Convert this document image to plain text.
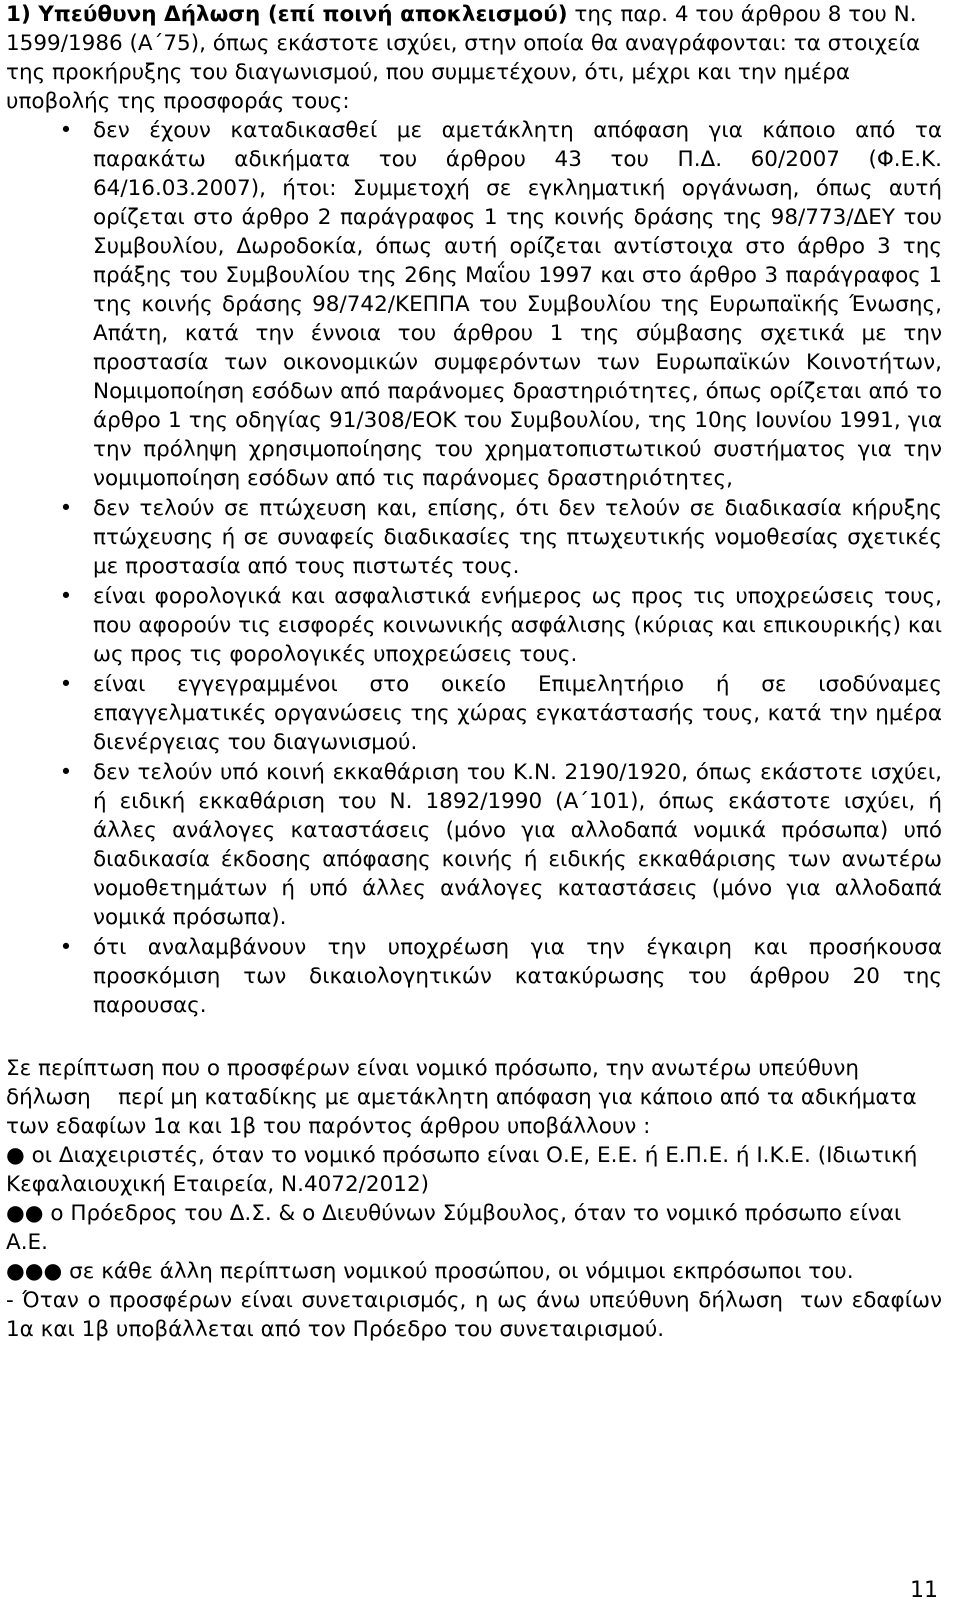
1) Υπεύθυνη Δήλωση (επί ποινή αποκλεισμού) της παρ. 4 του άρθρου 8 του Ν. 1599/1986 (Α΄75), όπως εκάστοτε ισχύει, στην οποία θα αναγράφονται: τα στοιχεία της προκήρυξης του διαγωνισμού, που συμμετέχουν, ότι, μέχρι και την ημέρα υποβολής της προσφοράς τους:

• δεν έχουν καταδικασθεί με αμετάκλητη απόφαση για κάποιο από τα παρακάτω αδικήματα του άρθρου 43 του Π.Δ. 60/2007 (Φ.Ε.Κ. 64/16.03.2007), ήτοι: Συμμετοχή σε εγκληματική οργάνωση, όπως αυτή ορίζεται στο άρθρο 2 παράγραφος 1 της κοινής δράσης της 98/773/ΔΕΥ του Συμβουλίου, Δωροδοκία, όπως αυτή ορίζεται αντίστοιχα στο άρθρο 3 της πράξης του Συμβουλίου της 26ης Μαΐου 1997 και στο άρθρο 3 παράγραφος 1 της κοινής δράσης 98/742/ΚΕΠΠΑ του Συμβουλίου της Ευρωπαϊκής Ένωσης, Απάτη, κατά την έννοια του άρθρου 1 της σύμβασης σχετικά με την προστασία των οικονομικών συμφερόντων των Ευρωπαϊκών Κοινοτήτων, Νομιμοποίηση εσόδων από παράνομες δραστηριότητες, όπως ορίζεται από το άρθρο 1 της οδηγίας 91/308/ΕΟΚ του Συμβουλίου, της 10ης Ιουνίου 1991, για την πρόληψη χρησιμοποίησης του χρηματοπιστωτικού συστήματος για την νομιμοποίηση εσόδων από τις παράνομες δραστηριότητες,
• δεν τελούν σε πτώχευση και, επίσης, ότι δεν τελούν σε διαδικασία κήρυξης πτώχευσης ή σε συναφείς διαδικασίες της πτωχευτικής νομοθεσίας σχετικές με προστασία από τους πιστωτές τους.
• είναι φορολογικά και ασφαλιστικά ενήμερος ως προς τις υποχρεώσεις τους, που αφορούν τις εισφορές κοινωνικής ασφάλισης (κύριας και επικουρικής) και ως προς τις φορολογικές υποχρεώσεις τους.
• είναι εγγεγραμμένοι στο οικείο Επιμελητήριο ή σε ισοδύναμες επαγγελματικές οργανώσεις της χώρας εγκατάστασής τους, κατά την ημέρα διενέργειας του διαγωνισμού.
• δεν τελούν υπό κοινή εκκαθάριση του Κ.Ν. 2190/1920, όπως εκάστοτε ισχύει, ή ειδική εκκαθάριση του Ν. 1892/1990 (Α΄101), όπως εκάστοτε ισχύει, ή άλλες ανάλογες καταστάσεις (μόνο για αλλοδαπά νομικά πρόσωπα) υπό διαδικασία έκδοσης απόφασης κοινής ή ειδικής εκκαθάρισης των ανωτέρω νομοθετημάτων ή υπό άλλες ανάλογες καταστάσεις (μόνο για αλλοδαπά νομικά πρόσωπα).
• ότι αναλαμβάνουν την υποχρέωση για την έγκαιρη και προσήκουσα προσκόμιση των δικαιολογητικών κατακύρωσης του άρθρου 20 της παρουσας.

Σε περίπτωση που ο προσφέρων είναι νομικό πρόσωπο, την ανωτέρω υπεύθυνη δήλωση    περί μη καταδίκης με αμετάκλητη απόφαση για κάποιο από τα αδικήματα των εδαφίων 1α και 1β του παρόντος άρθρου υποβάλλουν :

● οι Διαχειριστές, όταν το νομικό πρόσωπο είναι Ο.Ε, Ε.Ε. ή Ε.Π.Ε. ή Ι.Κ.Ε. (Ιδιωτική Κεφαλαιουχική Εταιρεία, Ν.4072/2012)

●● ο Πρόεδρος του Δ.Σ. & ο Διευθύνων Σύμβουλος, όταν το νομικό πρόσωπο είναι Α.Ε.

●●● σε κάθε άλλη περίπτωση νομικού προσώπου, οι νόμιμοι εκπρόσωποι του.

- Όταν ο προσφέρων είναι συνεταιρισμός, η ως άνω υπεύθυνη δήλωση  των εδαφίων 1α και 1β υποβάλλεται από τον Πρόεδρο του συνεταιρισμού.

11
